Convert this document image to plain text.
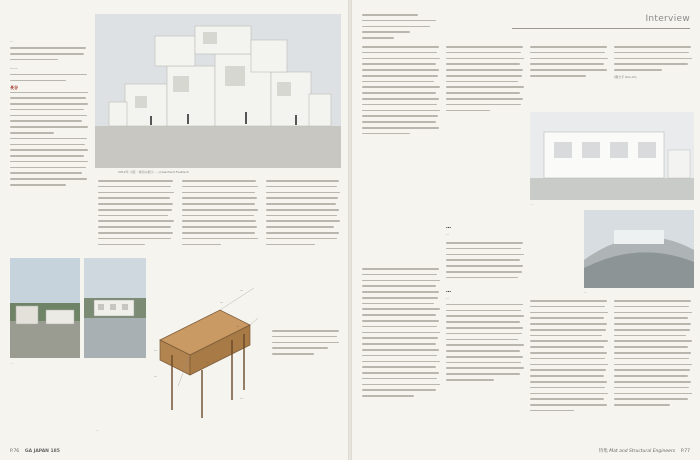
…

——
長谷
2012年 大阪・梅田の展示 … (c)Gerhard Foetzsch
…
…
…
…
…
…
…
…
…
P.76 GA JAPAN 185
Interview
(聞き手 Kan-ch)
…
…
…
…
…
…
特集 Mat and Structural Engineers P.77
